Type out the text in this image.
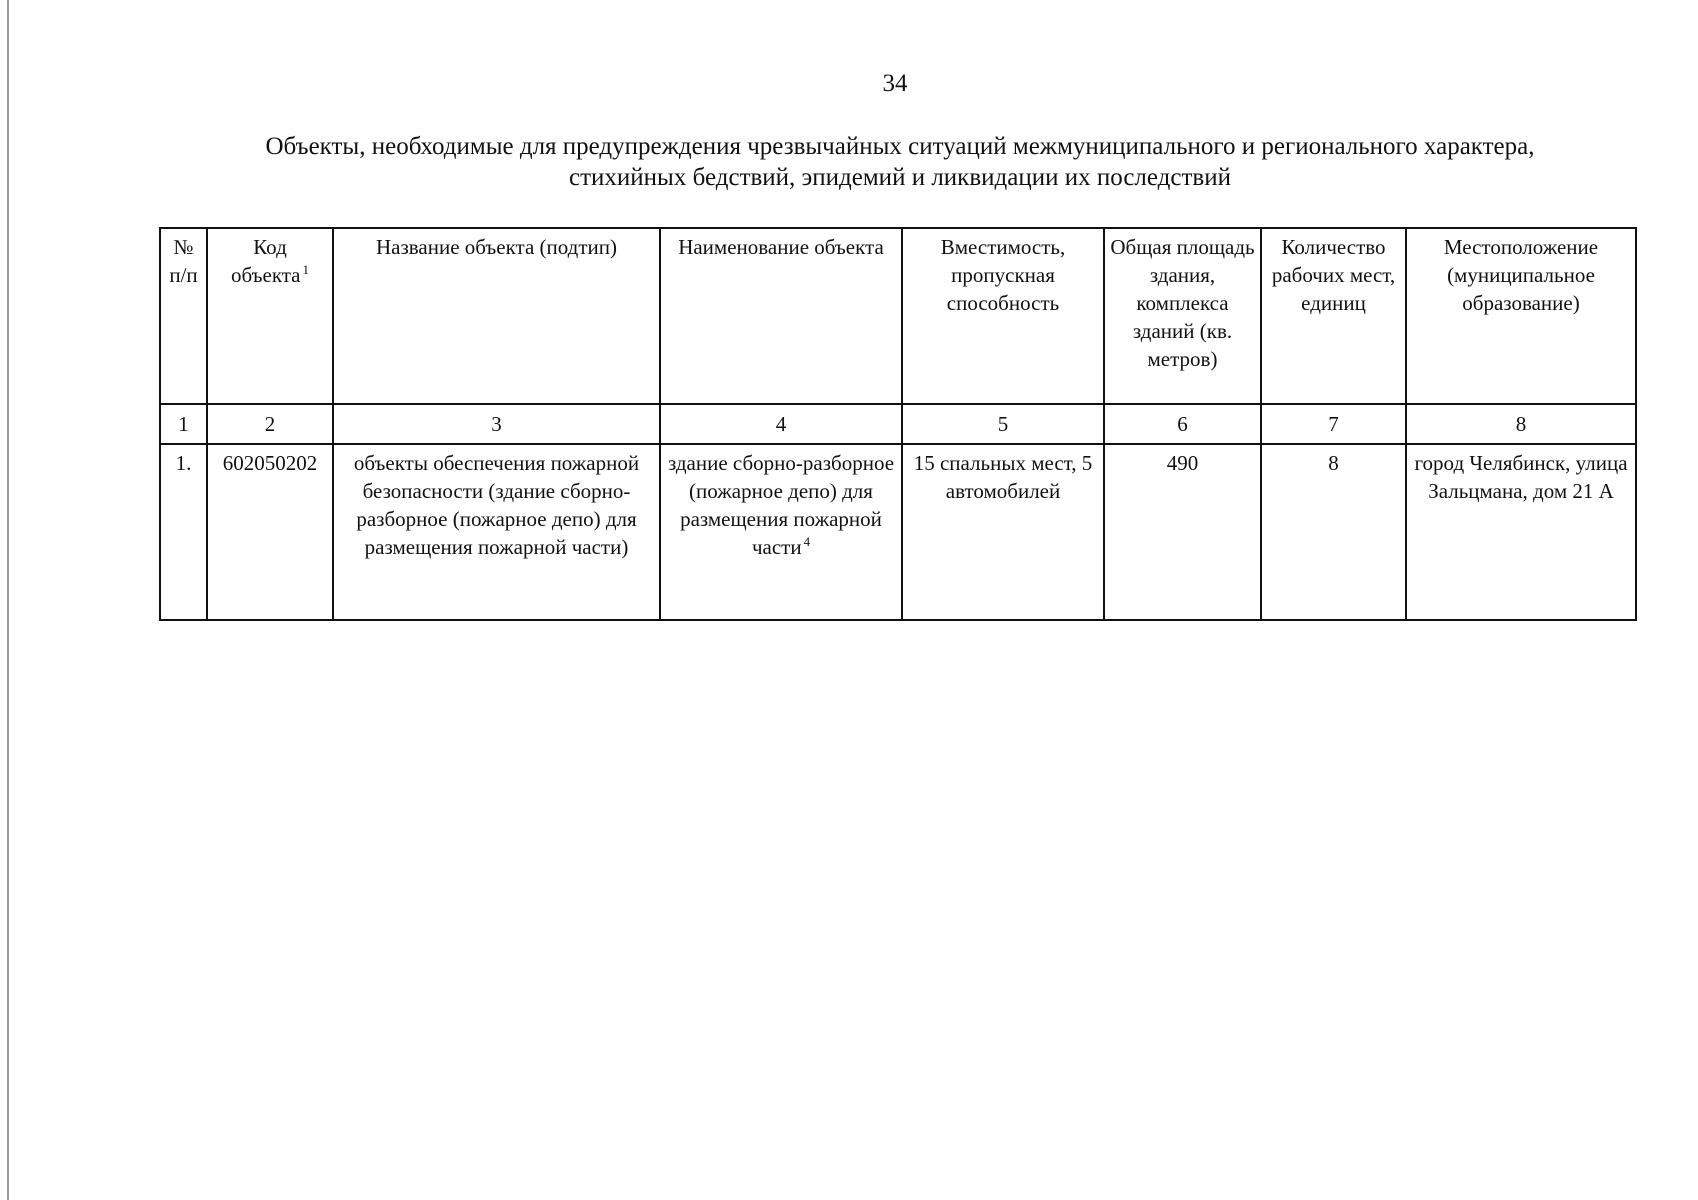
34
Объекты, необходимые для предупреждения чрезвычайных ситуаций межмуниципального и регионального характера,
стихийных бедствий, эпидемий и ликвидации их последствий
№ п/п	Код объекта $^1$	Название объекта (подтип)	Наименование объекта	Вместимость, пропускная способность	Общая площадь здания, комплекса зданий (кв. метров)	Количество рабочих мест, единиц	Местоположение (муниципальное образование)
1	2	3	4	5	6	7	8
1.	602050202	объекты обеспечения пожарной безопасности (здание сборно-разборное (пожарное депо) для размещения пожарной части)	здание сборно-разборное (пожарное депо) для размещения пожарной части $^4$	15 спальных мест, 5 автомобилей	490	8	город Челябинск, улица Зальцмана, дом 21 А
